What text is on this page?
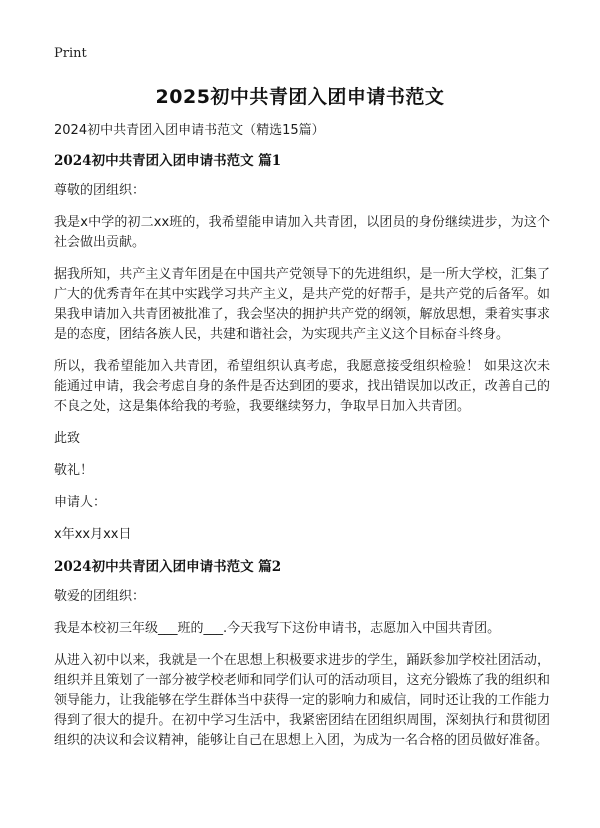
Print
2025初中共青团入团申请书范文

2024初中共青团入团申请书范文（精选15篇）

2024初中共青团入团申请书范文 篇1

尊敬的团组织：

我是x中学的初二xx班的，我希望能申请加入共青团，以团员的身份继续进步，为这个社会做出贡献。

据我所知，共产主义青年团是在中国共产党领导下的先进组织，是一所大学校，汇集了广大的优秀青年在其中实践学习共产主义，是共产党的好帮手，是共产党的后备军。如果我申请加入共青团被批准了，我会坚决的拥护共产党的纲领，解放思想，秉着实事求是的态度，团结各族人民，共建和谐社会，为实现共产主义这个目标奋斗终身。

所以，我希望能加入共青团，希望组织认真考虑，我愿意接受组织检验！ 如果这次未能通过申请，我会考虑自身的条件是否达到团的要求，找出错误加以改正，改善自己的不良之处，这是集体给我的考验，我要继续努力，争取早日加入共青团。

此致

敬礼！

申请人：

x年xx月xx日

2024初中共青团入团申请书范文 篇2

敬爱的团组织：

我是本校初三年级___班的___.今天我写下这份申请书，志愿加入中国共青团。

从进入初中以来，我就是一个在思想上积极要求进步的学生，踊跃参加学校社团活动，组织并且策划了一部分被学校老师和同学们认可的活动项目，这充分锻炼了我的组织和领导能力，让我能够在学生群体当中获得一定的影响力和威信，同时还让我的工作能力得到了很大的提升。在初中学习生活中，我紧密团结在团组织周围，深刻执行和贯彻团组织的决议和会议精神，能够让自己在思想上入团，为成为一名合格的团员做好准备。
